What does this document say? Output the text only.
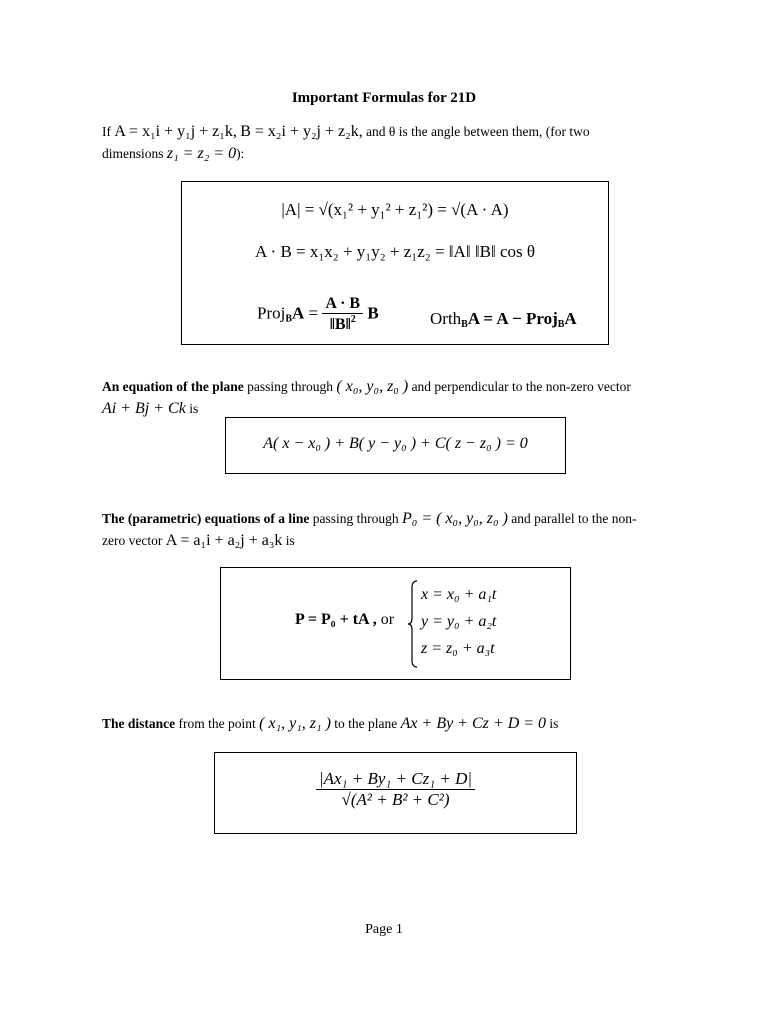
Important Formulas for 21D
If A = x₁i + y₁j + z₁k, B = x₂i + y₂j + z₂k, and θ is the angle between them, (for two
dimensions z₁ = z₂ = 0):
|A| = √(x₁² + y₁² + z₁²) = √(A · A)
A · B = x₁x₂ + y₁y₂ + z₁z₂ = ‖A‖ ‖B‖ cos θ
Proj$_B$A = $\frac{A \cdot B}{‖B‖^2}$ B	Orth$_B$A = A − Proj$_B$A
An equation of the plane passing through ( x₀, y₀, z₀ ) and perpendicular to the non-zero vector
Ai + Bj + Ck is
A( x − x₀ ) + B( y − y₀ ) + C( z − z₀ ) = 0
The (parametric) equations of a line passing through P₀ = ( x₀, y₀, z₀ ) and parallel to the non-
zero vector A = a₁i + a₂j + a₃k is
P = P₀ + tA , or
x = x₀ + a₁t
y = y₀ + a₂t
z = z₀ + a₃t
The distance from the point ( x₁, y₁, z₁ ) to the plane Ax + By + Cz + D = 0 is
$\frac{\text{|Ax₁ + By₁ + Cz₁ + D|}}{\text{√(A² + B² + C²)}}$
Page 1
